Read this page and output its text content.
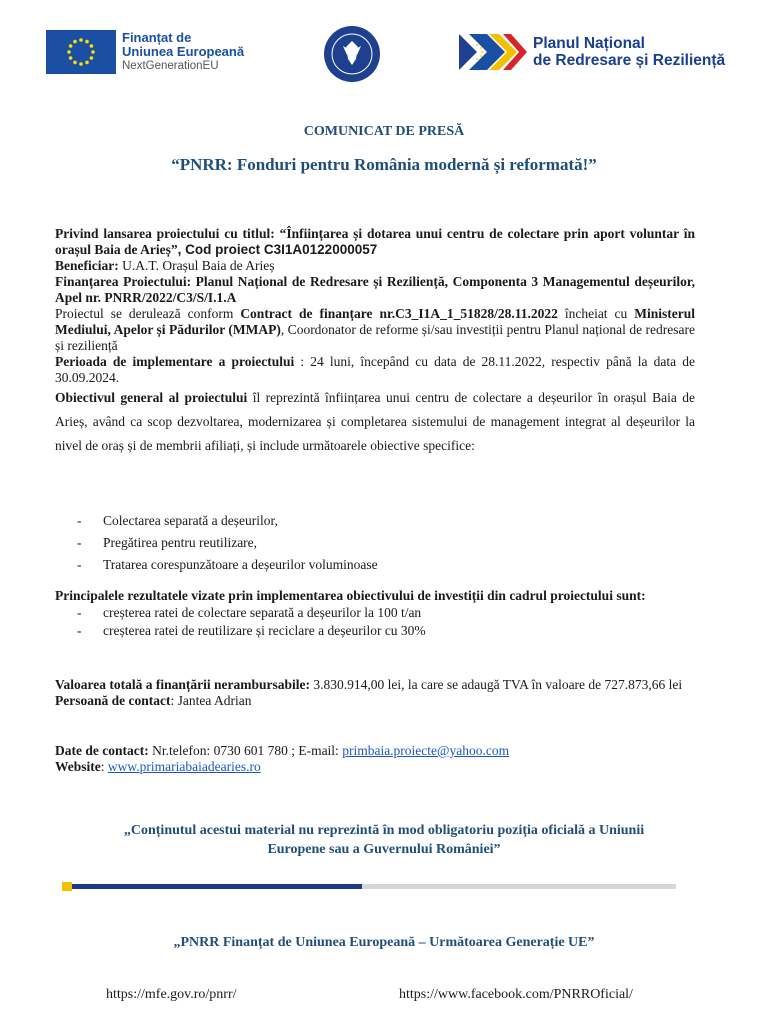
Finanțat de
Uniunea Europeană
NextGenerationEU
Planul Național
de Redresare și Reziliență
COMUNICAT DE PRESĂ
“PNRR: Fonduri pentru România modernă și reformată!”

Privind lansarea proiectului cu titlul: “Înființarea și dotarea unui centru de colectare prin aport voluntar în orașul Baia de Arieș”, Cod proiect C3I1A0122000057

Beneficiar: U.A.T. Orașul Baia de Arieș

Finanțarea Proiectului: Planul Național de Redresare și Reziliență, Componenta 3 Managementul deșeurilor, Apel nr. PNRR/2022/C3/S/I.1.A

Proiectul se derulează conform Contract de finanțare nr.C3_I1A_1_51828/28.11.2022 încheiat cu Ministerul Mediului, Apelor și Pădurilor (MMAP), Coordonator de reforme și/sau investiții pentru Planul național de redresare și reziliență

Perioada de implementare a proiectului : 24 luni, începând cu data de 28.11.2022, respectiv până la data de 30.09.2024.

Obiectivul general al proiectului îl reprezintă înființarea unui centru de colectare a deșeurilor în orașul Baia de Arieș, având ca scop dezvoltarea, modernizarea și completarea sistemului de management integrat al deșeurilor la nivel de oraș și de membrii afiliați, și include următoarele obiective specifice:

- Colectarea separată a deșeurilor,
- Pregătirea pentru reutilizare,
- Tratarea corespunzătoare a deșeurilor voluminoase

Principalele rezultatele vizate prin implementarea obiectivului de investiții din cadrul proiectului sunt:

- creșterea ratei de colectare separată a deșeurilor la 100 t/an
- creșterea ratei de reutilizare și reciclare a deșeurilor cu 30%

Valoarea totală a finanțării nerambursabile: 3.830.914,00 lei, la care se adaugă TVA în valoare de 727.873,66 lei

Persoană de contact: Jantea Adrian

Date de contact: Nr.telefon: 0730 601 780 ; E-mail: primbaia.proiecte@yahoo.com

Website: www.primariabaiadearies.ro

„Conținutul acestui material nu reprezintă în mod obligatoriu poziția oficială a Uniunii
Europene sau a Guvernului României”
„PNRR Finanțat de Uniunea Europeană – Următoarea Generație UE”
https://mfe.gov.ro/pnrr/	https://www.facebook.com/PNRROficial/
